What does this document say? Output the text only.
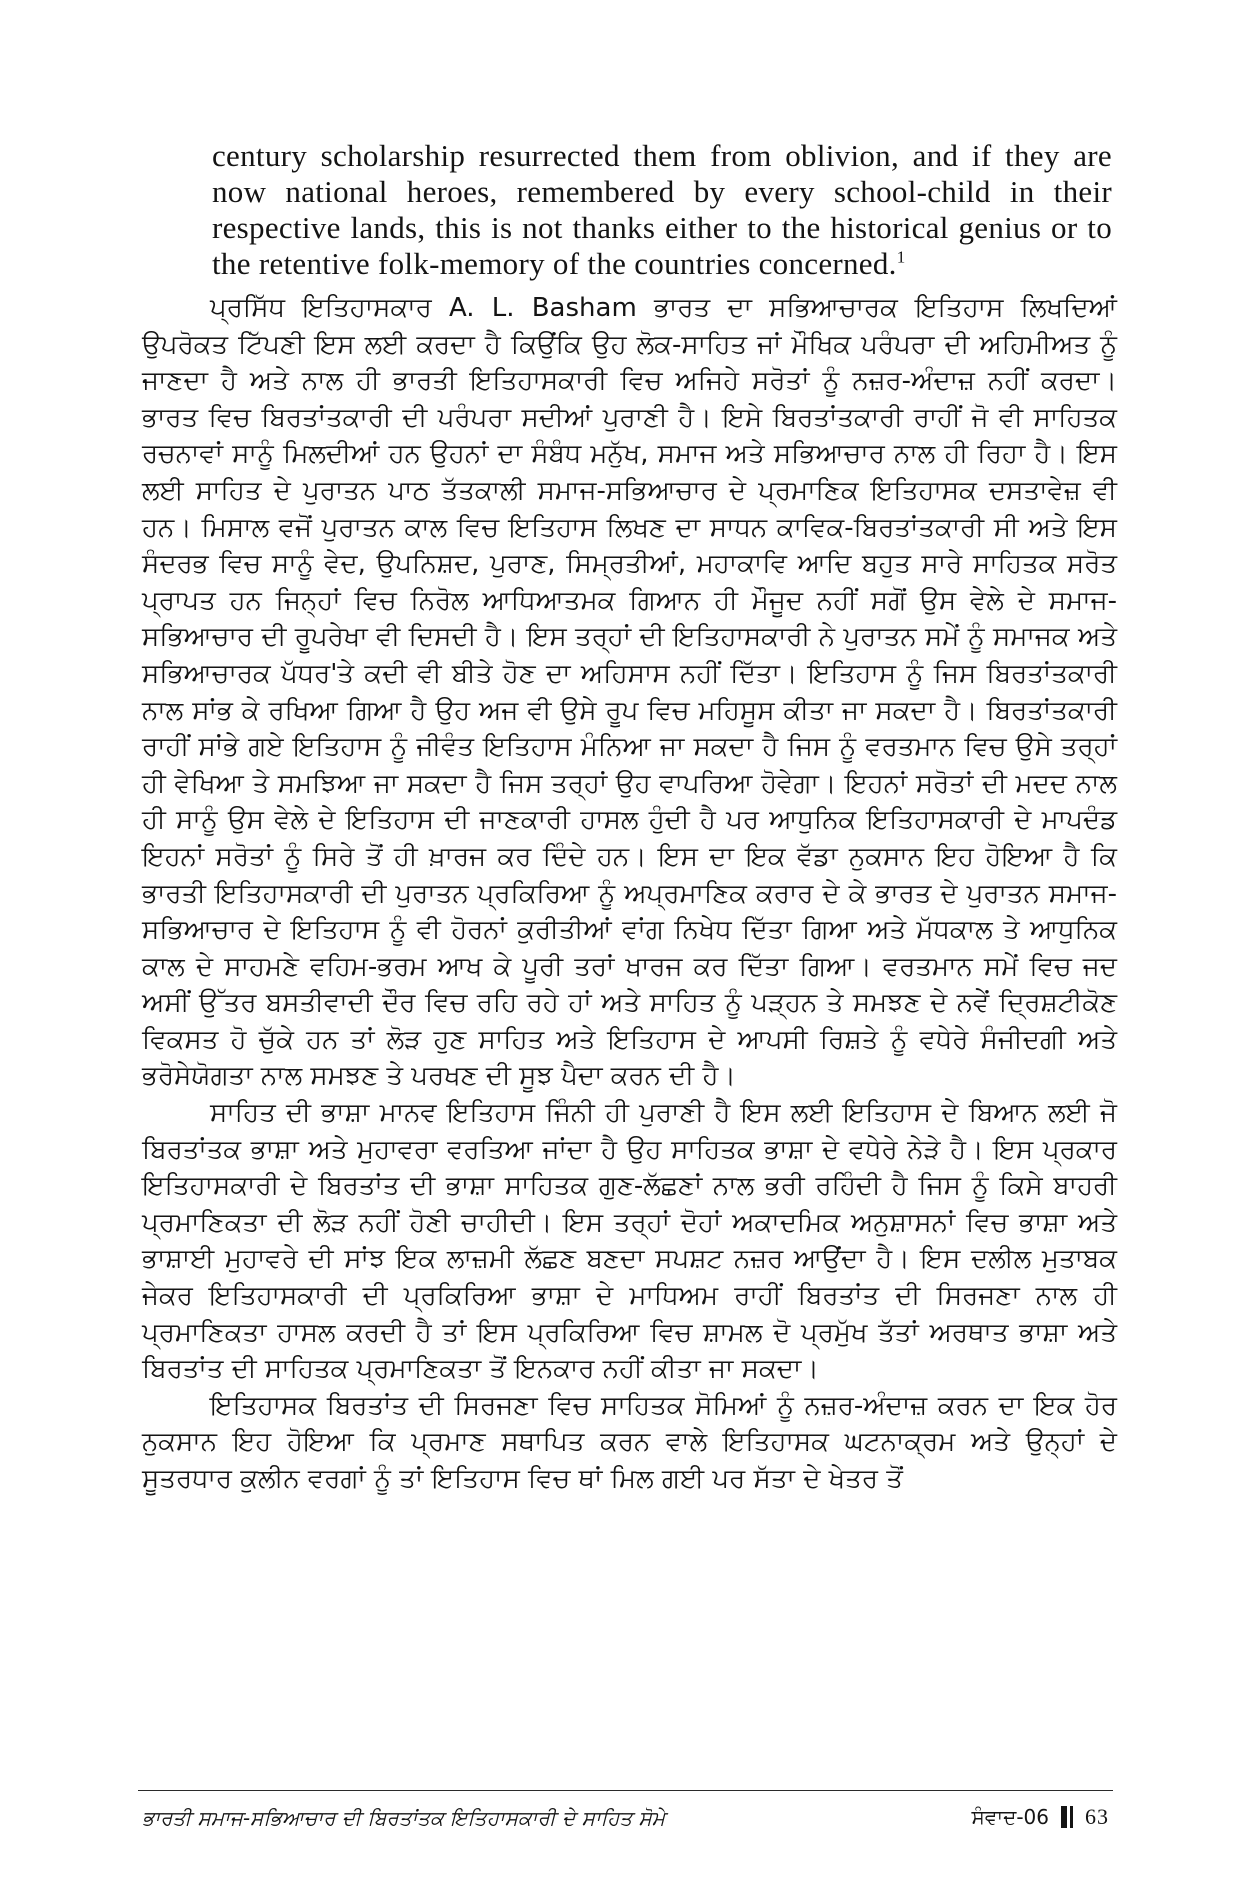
century scholarship resurrected them from oblivion, and if they are now national heroes, remembered by every school-child in their respective lands, this is not thanks either to the historical genius or to the retentive folk-memory of the countries concerned.$^1$

ਪ੍ਰਸਿੱਧ ਇਤਿਹਾਸਕਾਰ A. L. Basham ਭਾਰਤ ਦਾ ਸਭਿਆਚਾਰਕ ਇਤਿਹਾਸ ਲਿਖਦਿਆਂ ਉਪਰੋਕਤ ਟਿੱਪਣੀ ਇਸ ਲਈ ਕਰਦਾ ਹੈ ਕਿਉਂਕਿ ਉਹ ਲੋਕ-ਸਾਹਿਤ ਜਾਂ ਮੌਖਿਕ ਪਰੰਪਰਾ ਦੀ ਅਹਿਮੀਅਤ ਨੂੰ ਜਾਣਦਾ ਹੈ ਅਤੇ ਨਾਲ ਹੀ ਭਾਰਤੀ ਇਤਿਹਾਸਕਾਰੀ ਵਿਚ ਅਜਿਹੇ ਸਰੋਤਾਂ ਨੂੰ ਨਜ਼ਰ-ਅੰਦਾਜ਼ ਨਹੀਂ ਕਰਦਾ। ਭਾਰਤ ਵਿਚ ਬਿਰਤਾਂਤਕਾਰੀ ਦੀ ਪਰੰਪਰਾ ਸਦੀਆਂ ਪੁਰਾਣੀ ਹੈ। ਇਸੇ ਬਿਰਤਾਂਤਕਾਰੀ ਰਾਹੀਂ ਜੋ ਵੀ ਸਾਹਿਤਕ ਰਚਨਾਵਾਂ ਸਾਨੂੰ ਮਿਲਦੀਆਂ ਹਨ ਉਹਨਾਂ ਦਾ ਸੰਬੰਧ ਮਨੁੱਖ, ਸਮਾਜ ਅਤੇ ਸਭਿਆਚਾਰ ਨਾਲ ਹੀ ਰਿਹਾ ਹੈ। ਇਸ ਲਈ ਸਾਹਿਤ ਦੇ ਪੁਰਾਤਨ ਪਾਠ ਤੱਤਕਾਲੀ ਸਮਾਜ-ਸਭਿਆਚਾਰ ਦੇ ਪ੍ਰਮਾਣਿਕ ਇਤਿਹਾਸਕ ਦਸਤਾਵੇਜ਼ ਵੀ ਹਨ। ਮਿਸਾਲ ਵਜੋਂ ਪੁਰਾਤਨ ਕਾਲ ਵਿਚ ਇਤਿਹਾਸ ਲਿਖਣ ਦਾ ਸਾਧਨ ਕਾਵਿਕ-ਬਿਰਤਾਂਤਕਾਰੀ ਸੀ ਅਤੇ ਇਸ ਸੰਦਰਭ ਵਿਚ ਸਾਨੂੰ ਵੇਦ, ਉਪਨਿਸ਼ਦ, ਪੁਰਾਣ, ਸਿਮ੍ਰਤੀਆਂ, ਮਹਾਕਾਵਿ ਆਦਿ ਬਹੁਤ ਸਾਰੇ ਸਾਹਿਤਕ ਸਰੋਤ ਪ੍ਰਾਪਤ ਹਨ ਜਿਨ੍ਹਾਂ ਵਿਚ ਨਿਰੋਲ ਆਧਿਆਤਮਕ ਗਿਆਨ ਹੀ ਮੌਜੂਦ ਨਹੀਂ ਸਗੋਂ ਉਸ ਵੇਲੇ ਦੇ ਸਮਾਜ-ਸਭਿਆਚਾਰ ਦੀ ਰੂਪਰੇਖਾ ਵੀ ਦਿਸਦੀ ਹੈ। ਇਸ ਤਰ੍ਹਾਂ ਦੀ ਇਤਿਹਾਸਕਾਰੀ ਨੇ ਪੁਰਾਤਨ ਸਮੇਂ ਨੂੰ ਸਮਾਜਕ ਅਤੇ ਸਭਿਆਚਾਰਕ ਪੱਧਰ'ਤੇ ਕਦੀ ਵੀ ਬੀਤੇ ਹੋਣ ਦਾ ਅਹਿਸਾਸ ਨਹੀਂ ਦਿੱਤਾ। ਇਤਿਹਾਸ ਨੂੰ ਜਿਸ ਬਿਰਤਾਂਤਕਾਰੀ ਨਾਲ ਸਾਂਭ ਕੇ ਰਖਿਆ ਗਿਆ ਹੈ ਉਹ ਅਜ ਵੀ ਉਸੇ ਰੂਪ ਵਿਚ ਮਹਿਸੂਸ ਕੀਤਾ ਜਾ ਸਕਦਾ ਹੈ। ਬਿਰਤਾਂਤਕਾਰੀ ਰਾਹੀਂ ਸਾਂਭੇ ਗਏ ਇਤਿਹਾਸ ਨੂੰ ਜੀਵੰਤ ਇਤਿਹਾਸ ਮੰਨਿਆ ਜਾ ਸਕਦਾ ਹੈ ਜਿਸ ਨੂੰ ਵਰਤਮਾਨ ਵਿਚ ਉਸੇ ਤਰ੍ਹਾਂ ਹੀ ਵੇਖਿਆ ਤੇ ਸਮਝਿਆ ਜਾ ਸਕਦਾ ਹੈ ਜਿਸ ਤਰ੍ਹਾਂ ਉਹ ਵਾਪਰਿਆ ਹੋਵੇਗਾ। ਇਹਨਾਂ ਸਰੋਤਾਂ ਦੀ ਮਦਦ ਨਾਲ ਹੀ ਸਾਨੂੰ ਉਸ ਵੇਲੇ ਦੇ ਇਤਿਹਾਸ ਦੀ ਜਾਣਕਾਰੀ ਹਾਸਲ ਹੁੰਦੀ ਹੈ ਪਰ ਆਧੁਨਿਕ ਇਤਿਹਾਸਕਾਰੀ ਦੇ ਮਾਪਦੰਡ ਇਹਨਾਂ ਸਰੋਤਾਂ ਨੂੰ ਸਿਰੇ ਤੋਂ ਹੀ ਖ਼ਾਰਜ ਕਰ ਦਿੰਦੇ ਹਨ। ਇਸ ਦਾ ਇਕ ਵੱਡਾ ਨੁਕਸਾਨ ਇਹ ਹੋਇਆ ਹੈ ਕਿ ਭਾਰਤੀ ਇਤਿਹਾਸਕਾਰੀ ਦੀ ਪੁਰਾਤਨ ਪ੍ਰਕਿਰਿਆ ਨੂੰ ਅਪ੍ਰਮਾਣਿਕ ਕਰਾਰ ਦੇ ਕੇ ਭਾਰਤ ਦੇ ਪੁਰਾਤਨ ਸਮਾਜ-ਸਭਿਆਚਾਰ ਦੇ ਇਤਿਹਾਸ ਨੂੰ ਵੀ ਹੋਰਨਾਂ ਕੁਰੀਤੀਆਂ ਵਾਂਗ ਨਿਖੇਧ ਦਿੱਤਾ ਗਿਆ ਅਤੇ ਮੱਧਕਾਲ ਤੇ ਆਧੁਨਿਕ ਕਾਲ ਦੇ ਸਾਹਮਣੇ ਵਹਿਮ-ਭਰਮ ਆਖ ਕੇ ਪੂਰੀ ਤਰਾਂ ਖਾਰਜ ਕਰ ਦਿੱਤਾ ਗਿਆ। ਵਰਤਮਾਨ ਸਮੇਂ ਵਿਚ ਜਦ ਅਸੀਂ ਉੱਤਰ ਬਸਤੀਵਾਦੀ ਦੌਰ ਵਿਚ ਰਹਿ ਰਹੇ ਹਾਂ ਅਤੇ ਸਾਹਿਤ ਨੂੰ ਪੜ੍ਹਨ ਤੇ ਸਮਝਣ ਦੇ ਨਵੇਂ ਦ੍ਰਿਸ਼ਟੀਕੋਣ ਵਿਕਸਤ ਹੋ ਚੁੱਕੇ ਹਨ ਤਾਂ ਲੋੜ ਹੁਣ ਸਾਹਿਤ ਅਤੇ ਇਤਿਹਾਸ ਦੇ ਆਪਸੀ ਰਿਸ਼ਤੇ ਨੂੰ ਵਧੇਰੇ ਸੰਜੀਦਗੀ ਅਤੇ ਭਰੋਸੇਯੋਗਤਾ ਨਾਲ ਸਮਝਣ ਤੇ ਪਰਖਣ ਦੀ ਸੂਝ ਪੈਦਾ ਕਰਨ ਦੀ ਹੈ।

ਸਾਹਿਤ ਦੀ ਭਾਸ਼ਾ ਮਾਨਵ ਇਤਿਹਾਸ ਜਿੰਨੀ ਹੀ ਪੁਰਾਣੀ ਹੈ ਇਸ ਲਈ ਇਤਿਹਾਸ ਦੇ ਬਿਆਨ ਲਈ ਜੋ ਬਿਰਤਾਂਤਕ ਭਾਸ਼ਾ ਅਤੇ ਮੁਹਾਵਰਾ ਵਰਤਿਆ ਜਾਂਦਾ ਹੈ ਉਹ ਸਾਹਿਤਕ ਭਾਸ਼ਾ ਦੇ ਵਧੇਰੇ ਨੇੜੇ ਹੈ। ਇਸ ਪ੍ਰਕਾਰ ਇਤਿਹਾਸਕਾਰੀ ਦੇ ਬਿਰਤਾਂਤ ਦੀ ਭਾਸ਼ਾ ਸਾਹਿਤਕ ਗੁਣ-ਲੱਛਣਾਂ ਨਾਲ ਭਰੀ ਰਹਿੰਦੀ ਹੈ ਜਿਸ ਨੂੰ ਕਿਸੇ ਬਾਹਰੀ ਪ੍ਰਮਾਣਿਕਤਾ ਦੀ ਲੋੜ ਨਹੀਂ ਹੋਣੀ ਚਾਹੀਦੀ। ਇਸ ਤਰ੍ਹਾਂ ਦੋਹਾਂ ਅਕਾਦਮਿਕ ਅਨੁਸ਼ਾਸਨਾਂ ਵਿਚ ਭਾਸ਼ਾ ਅਤੇ ਭਾਸ਼ਾਈ ਮੁਹਾਵਰੇ ਦੀ ਸਾਂਝ ਇਕ ਲਾਜ਼ਮੀ ਲੱਛਣ ਬਣਦਾ ਸਪਸ਼ਟ ਨਜ਼ਰ ਆਉਂਦਾ ਹੈ। ਇਸ ਦਲੀਲ ਮੁਤਾਬਕ ਜੇਕਰ ਇਤਿਹਾਸਕਾਰੀ ਦੀ ਪ੍ਰਕਿਰਿਆ ਭਾਸ਼ਾ ਦੇ ਮਾਧਿਅਮ ਰਾਹੀਂ ਬਿਰਤਾਂਤ ਦੀ ਸਿਰਜਣਾ ਨਾਲ ਹੀ ਪ੍ਰਮਾਣਿਕਤਾ ਹਾਸਲ ਕਰਦੀ ਹੈ ਤਾਂ ਇਸ ਪ੍ਰਕਿਰਿਆ ਵਿਚ ਸ਼ਾਮਲ ਦੋ ਪ੍ਰਮੁੱਖ ਤੱਤਾਂ ਅਰਥਾਤ ਭਾਸ਼ਾ ਅਤੇ ਬਿਰਤਾਂਤ ਦੀ ਸਾਹਿਤਕ ਪ੍ਰਮਾਣਿਕਤਾ ਤੋਂ ਇਨਕਾਰ ਨਹੀਂ ਕੀਤਾ ਜਾ ਸਕਦਾ।

ਇਤਿਹਾਸਕ ਬਿਰਤਾਂਤ ਦੀ ਸਿਰਜਣਾ ਵਿਚ ਸਾਹਿਤਕ ਸੋਮਿਆਂ ਨੂੰ ਨਜ਼ਰ-ਅੰਦਾਜ਼ ਕਰਨ ਦਾ ਇਕ ਹੋਰ ਨੁਕਸਾਨ ਇਹ ਹੋਇਆ ਕਿ ਪ੍ਰਮਾਣ ਸਥਾਪਿਤ ਕਰਨ ਵਾਲੇ ਇਤਿਹਾਸਕ ਘਟਨਾਕ੍ਰਮ ਅਤੇ ਉਨ੍ਹਾਂ ਦੇ ਸੂਤਰਧਾਰ ਕੁਲੀਨ ਵਰਗਾਂ ਨੂੰ ਤਾਂ ਇਤਿਹਾਸ ਵਿਚ ਥਾਂ ਮਿਲ ਗਈ ਪਰ ਸੱਤਾ ਦੇ ਖੇਤਰ ਤੋਂ

ਭਾਰਤੀ ਸਮਾਜ-ਸਭਿਆਚਾਰ ਦੀ ਬਿਰਤਾਂਤਕ ਇਤਿਹਾਸਕਾਰੀ ਦੇ ਸਾਹਿਤ ਸੋਮੇ	ਸੰਵਾਦ-06 63
